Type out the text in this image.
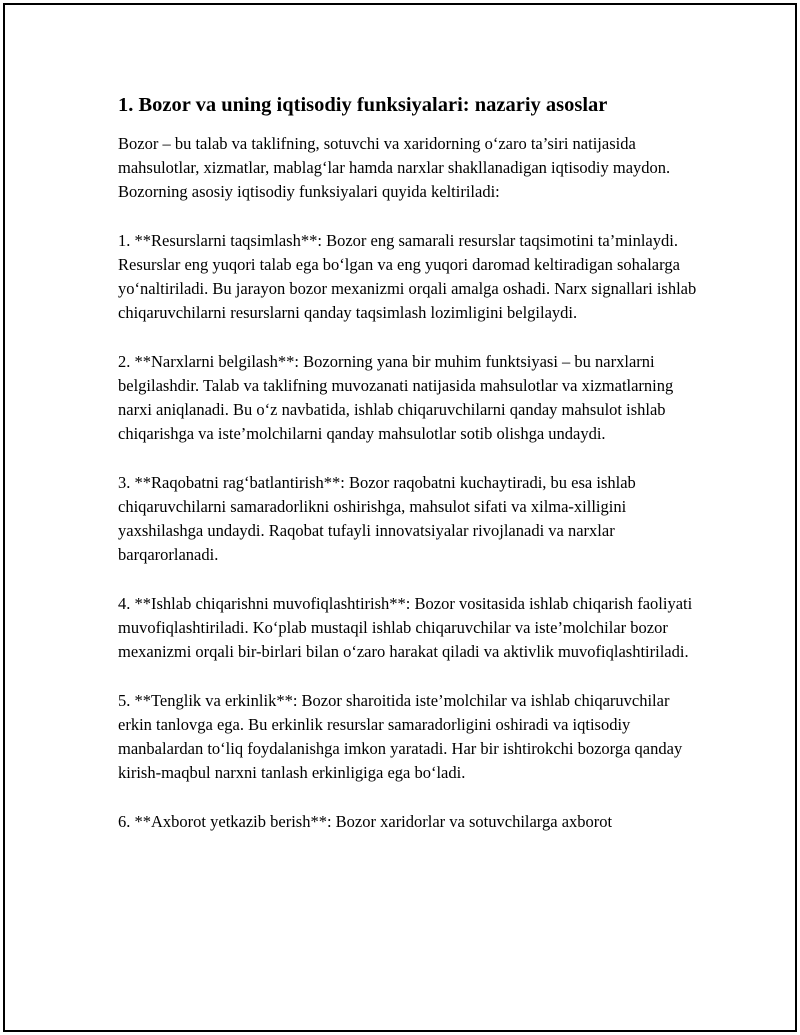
1. Bozor va uning iqtisodiy funksiyalari: nazariy asoslar

Bozor – bu talab va taklifning, sotuvchi va xaridorning o‘zaro ta’siri natijasida mahsulotlar, xizmatlar, mablag‘lar hamda narxlar shakllanadigan iqtisodiy maydon. Bozorning asosiy iqtisodiy funksiyalari quyida keltiriladi:

1. **Resurslarni taqsimlash**: Bozor eng samarali resurslar taqsimotini ta’minlaydi. Resurslar eng yuqori talab ega bo‘lgan va eng yuqori daromad keltiradigan sohalarga yo‘naltiriladi. Bu jarayon bozor mexanizmi orqali amalga oshadi. Narx signallari ishlab chiqaruvchilarni resurslarni qanday taqsimlash lozimligini belgilaydi.

2. **Narxlarni belgilash**: Bozorning yana bir muhim funktsiyasi – bu narxlarni belgilashdir. Talab va taklifning muvozanati natijasida mahsulotlar va xizmatlarning narxi aniqlanadi. Bu o‘z navbatida, ishlab chiqaruvchilarni qanday mahsulot ishlab chiqarishga va iste’molchilarni qanday mahsulotlar sotib olishga undaydi.

3. **Raqobatni rag‘batlantirish**: Bozor raqobatni kuchaytiradi, bu esa ishlab chiqaruvchilarni samaradorlikni oshirishga, mahsulot sifati va xilma-xilligini yaxshilashga undaydi. Raqobat tufayli innovatsiyalar rivojlanadi va narxlar barqarorlanadi.

4. **Ishlab chiqarishni muvofiqlashtirish**: Bozor vositasida ishlab chiqarish faoliyati muvofiqlashtiriladi. Ko‘plab mustaqil ishlab chiqaruvchilar va iste’molchilar bozor mexanizmi orqali bir-birlari bilan o‘zaro harakat qiladi va aktivlik muvofiqlashtiriladi.

5. **Tenglik va erkinlik**: Bozor sharoitida iste’molchilar va ishlab chiqaruvchilar erkin tanlovga ega. Bu erkinlik resurslar samaradorligini oshiradi va iqtisodiy manbalardan to‘liq foydalanishga imkon yaratadi. Har bir ishtirokchi bozorga qanday kirish-maqbul narxni tanlash erkinligiga ega bo‘ladi.

6. **Axborot yetkazib berish**: Bozor xaridorlar va sotuvchilarga axborot
